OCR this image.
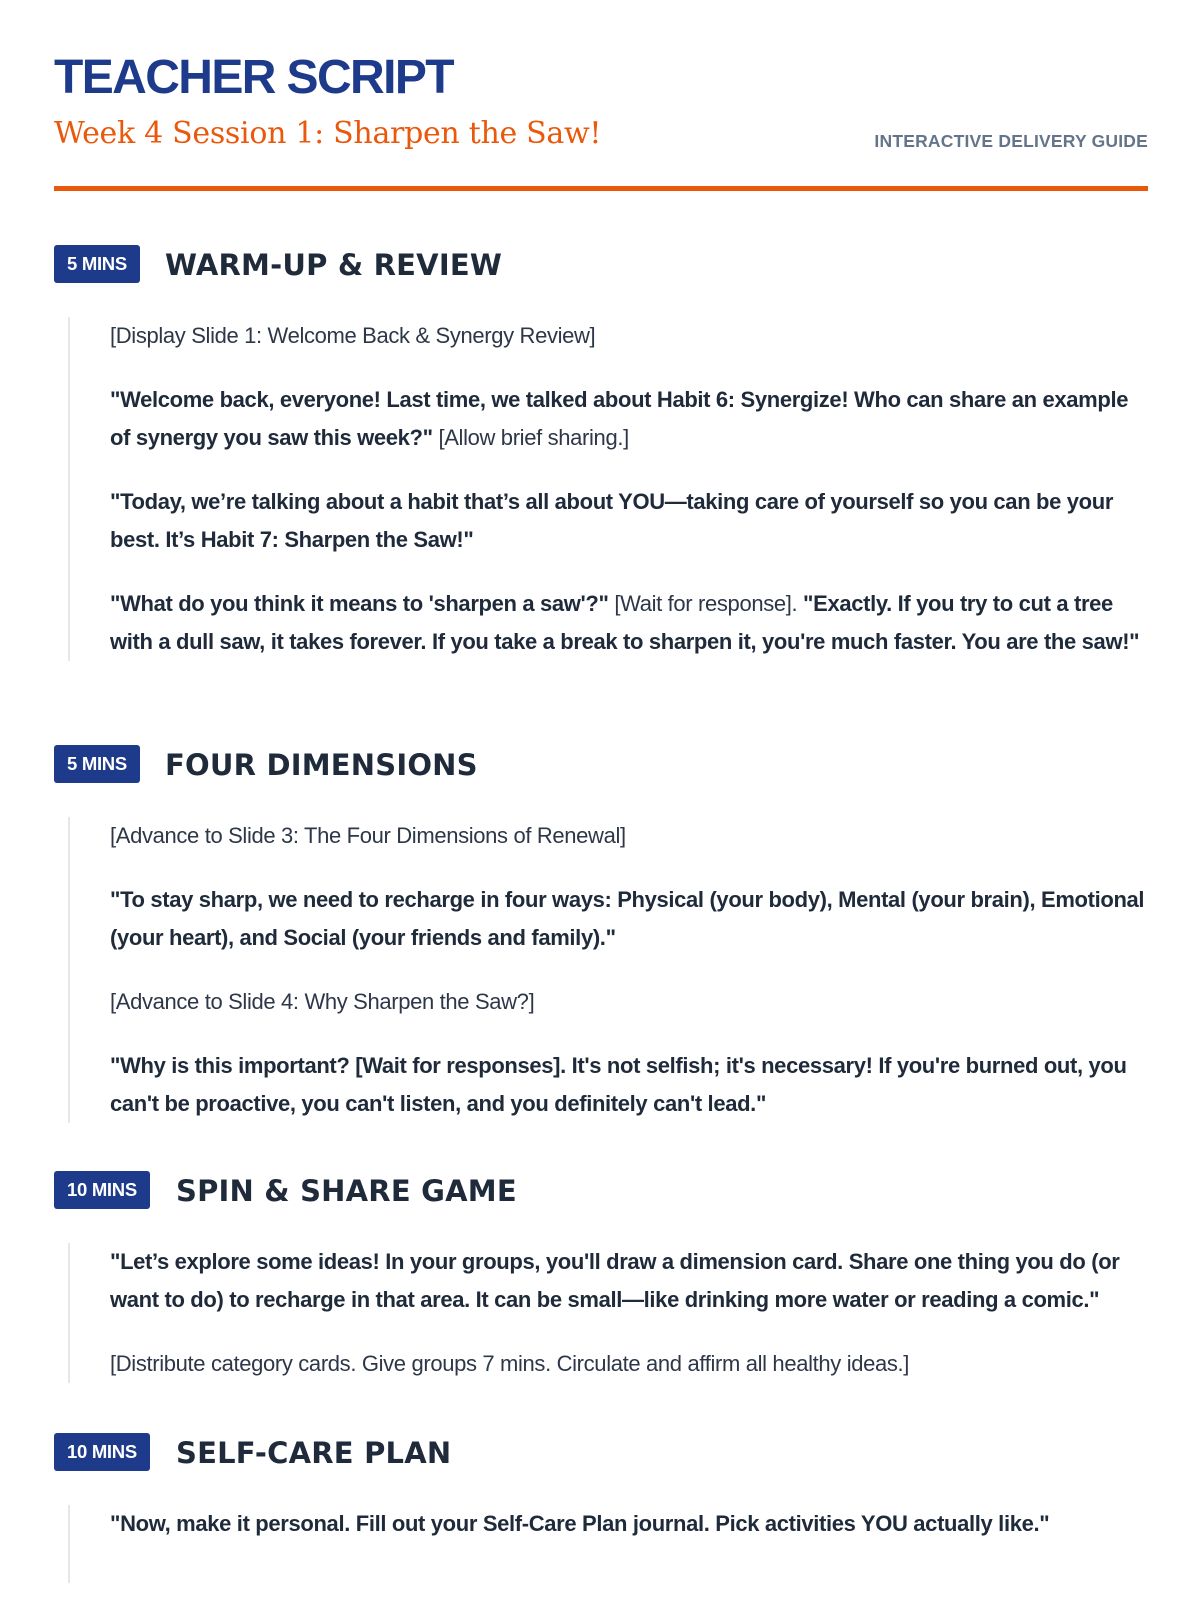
TEACHER SCRIPT
Week 4 Session 1: Sharpen the Saw!	INTERACTIVE DELIVERY GUIDE
5 MINS	WARM-UP & REVIEW

[Display Slide 1: Welcome Back & Synergy Review]

"Welcome back, everyone! Last time, we talked about Habit 6: Synergize! Who can share an example of synergy you saw this week?" [Allow brief sharing.]

"Today, we’re talking about a habit that’s all about YOU—taking care of yourself so you can be your best. It’s Habit 7: Sharpen the Saw!"

"What do you think it means to 'sharpen a saw'?" [Wait for response]. "Exactly. If you try to cut a tree with a dull saw, it takes forever. If you take a break to sharpen it, you're much faster. You are the saw!"

5 MINS	FOUR DIMENSIONS

[Advance to Slide 3: The Four Dimensions of Renewal]

"To stay sharp, we need to recharge in four ways: Physical (your body), Mental (your brain), Emotional (your heart), and Social (your friends and family)."

[Advance to Slide 4: Why Sharpen the Saw?]

"Why is this important? [Wait for responses]. It's not selfish; it's necessary! If you're burned out, you can't be proactive, you can't listen, and you definitely can't lead."

10 MINS	SPIN & SHARE GAME

"Let’s explore some ideas! In your groups, you'll draw a dimension card. Share one thing you do (or want to do) to recharge in that area. It can be small—like drinking more water or reading a comic."

[Distribute category cards. Give groups 7 mins. Circulate and affirm all healthy ideas.]

10 MINS	SELF-CARE PLAN

"Now, make it personal. Fill out your Self-Care Plan journal. Pick activities YOU actually like."
